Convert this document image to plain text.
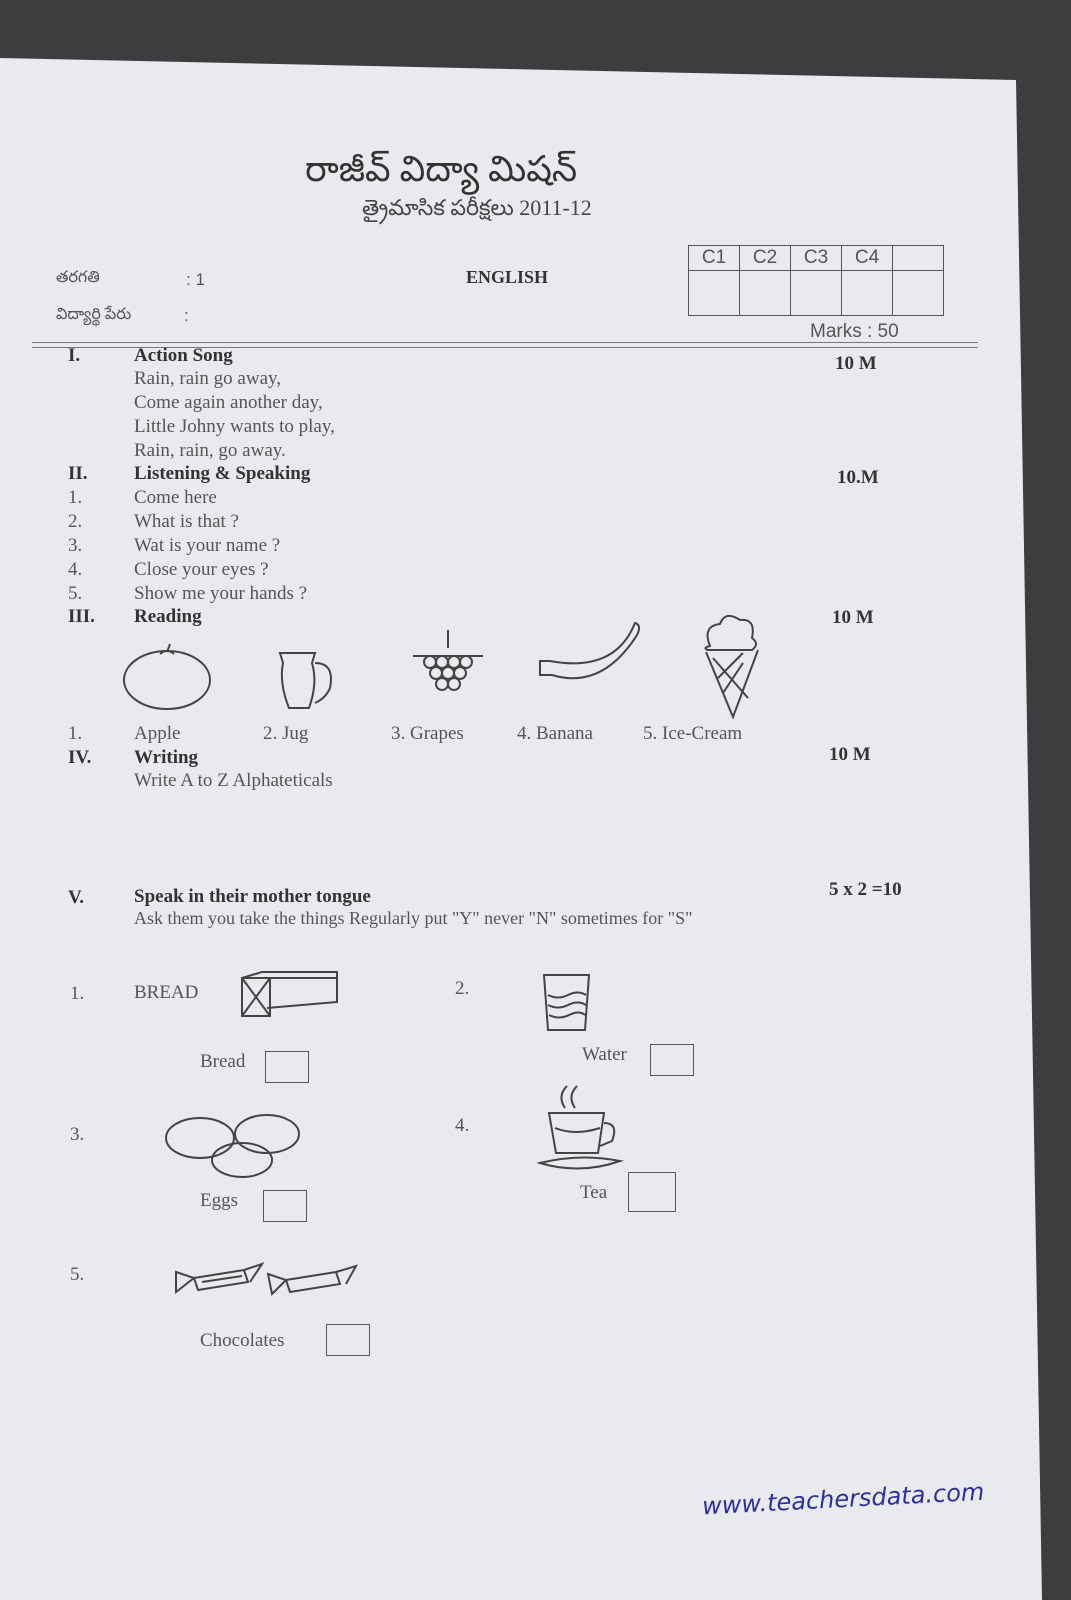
రాజీవ్ విద్యా మిషన్
త్రైమాసిక పరీక్షలు 2011-12
తరగతి	: 1	ENGLISH
విద్యార్థి పేరు	:
C1	C2	C3	C4	

Marks : 50
I.	Action Song	10 M
Rain, rain go away,
Come again another day,
Little Johny wants to play,
Rain, rain, go away.
II. Listening & Speaking	10.M
1.	Come here
2.	What is that ?
3.	Wat is your name ?
4.	Close your eyes ?
5.	Show me your hands ?
III. Reading	10 M
1.	Apple	2. Jug	3. Grapes	4. Banana	5. Ice-Cream
IV. Writing	10 M
Write A to Z Alphateticals
V.	Speak in their mother tongue	5 x 2 =10
Ask them you take the things Regularly put "Y" never "N" sometimes for "S"
1.	BREAD
Bread
2.
Water
3.
Eggs
4.
Tea
5.
Chocolates
www.teachersdata.com
